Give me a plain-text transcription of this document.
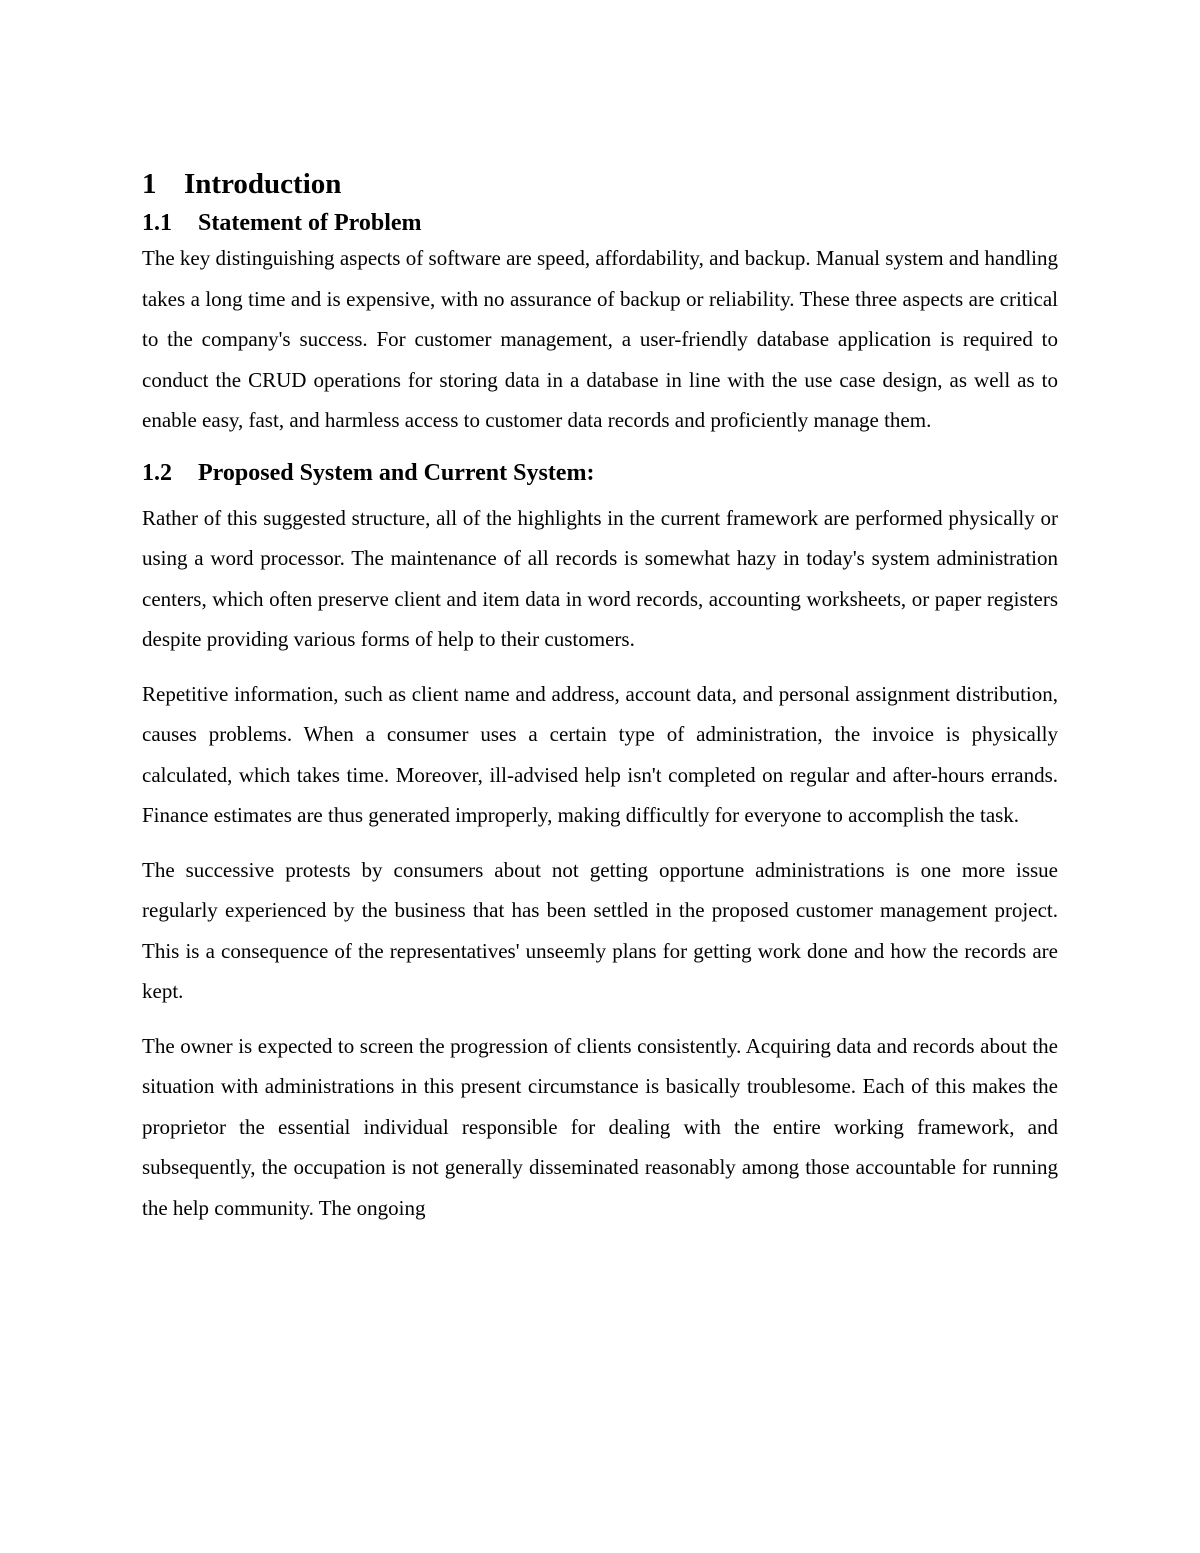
1 Introduction
1.1 Statement of Problem

The key distinguishing aspects of software are speed, affordability, and backup. Manual system and handling takes a long time and is expensive, with no assurance of backup or reliability. These three aspects are critical to the company's success. For customer management, a user-friendly database application is required to conduct the CRUD operations for storing data in a database in line with the use case design, as well as to enable easy, fast, and harmless access to customer data records and proficiently manage them.

1.2 Proposed System and Current System:

Rather of this suggested structure, all of the highlights in the current framework are performed physically or using a word processor. The maintenance of all records is somewhat hazy in today's system administration centers, which often preserve client and item data in word records, accounting worksheets, or paper registers despite providing various forms of help to their customers.

Repetitive information, such as client name and address, account data, and personal assignment distribution, causes problems. When a consumer uses a certain type of administration, the invoice is physically calculated, which takes time. Moreover, ill-advised help isn't completed on regular and after-hours errands. Finance estimates are thus generated improperly, making difficultly for everyone to accomplish the task.

The successive protests by consumers about not getting opportune administrations is one more issue regularly experienced by the business that has been settled in the proposed customer management project. This is a consequence of the representatives' unseemly plans for getting work done and how the records are kept.

The owner is expected to screen the progression of clients consistently. Acquiring data and records about the situation with administrations in this present circumstance is basically troublesome. Each of this makes the proprietor the essential individual responsible for dealing with the entire working framework, and subsequently, the occupation is not generally disseminated reasonably among those accountable for running the help community. The ongoing
